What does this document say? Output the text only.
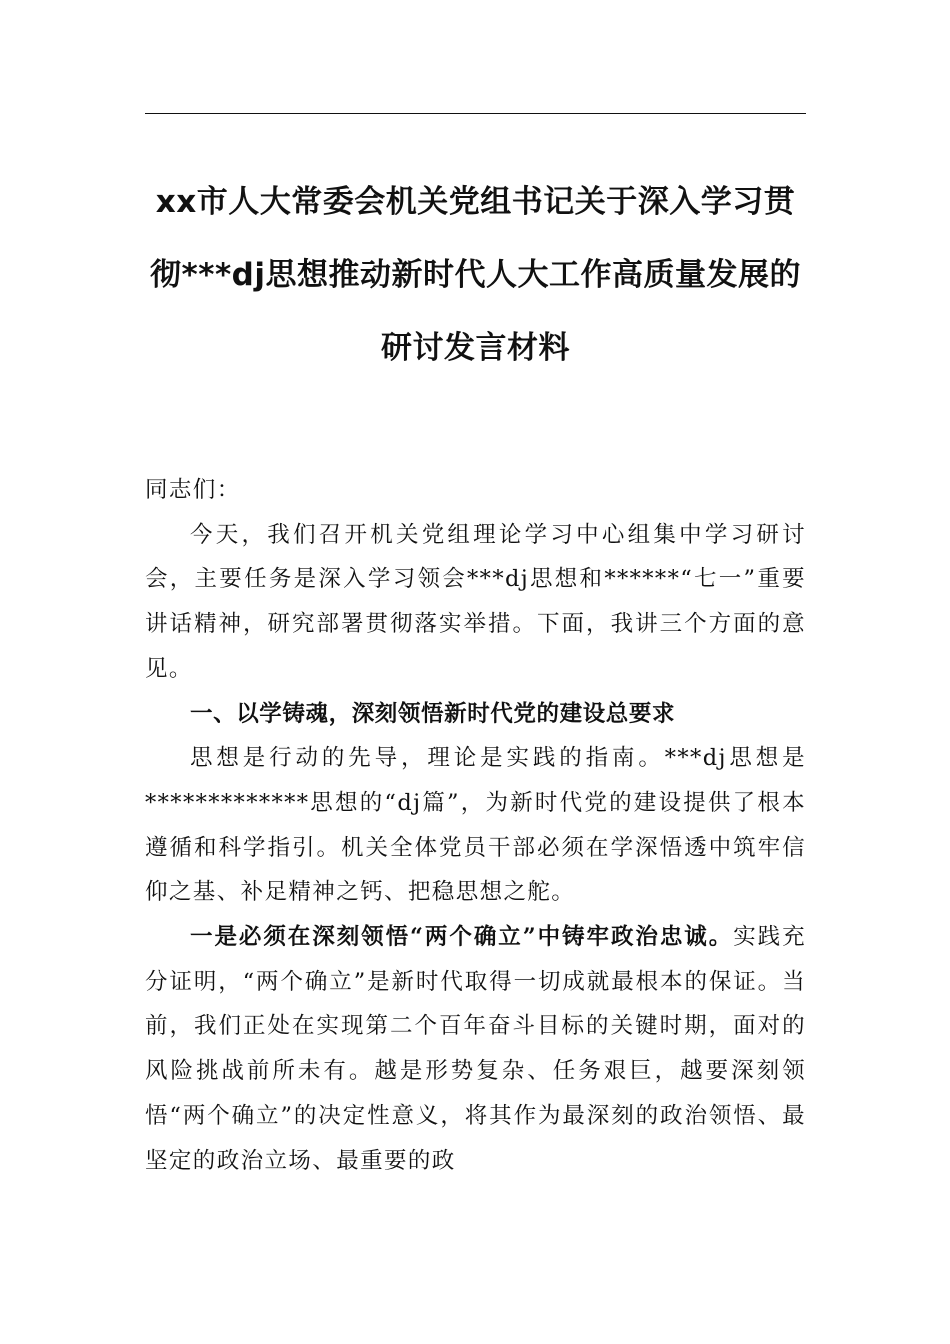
xx市人大常委会机关党组书记关于深入学习贯彻***dj思想推动新时代人大工作高质量发展的研讨发言材料

同志们：

今天，我们召开机关党组理论学习中心组集中学习研讨会，主要任务是深入学习领会***dj思想和******“七一”重要讲话精神，研究部署贯彻落实举措。下面，我讲三个方面的意见。

一、以学铸魂，深刻领悟新时代党的建设总要求

思想是行动的先导，理论是实践的指南。***dj思想是*************思想的“dj篇”，为新时代党的建设提供了根本遵循和科学指引。机关全体党员干部必须在学深悟透中筑牢信仰之基、补足精神之钙、把稳思想之舵。

一是必须在深刻领悟“两个确立”中铸牢政治忠诚。实践充分证明，“两个确立”是新时代取得一切成就最根本的保证。当前，我们正处在实现第二个百年奋斗目标的关键时期，面对的风险挑战前所未有。越是形势复杂、任务艰巨，越要深刻领悟“两个确立”的决定性意义，将其作为最深刻的政治领悟、最坚定的政治立场、最重要的政
